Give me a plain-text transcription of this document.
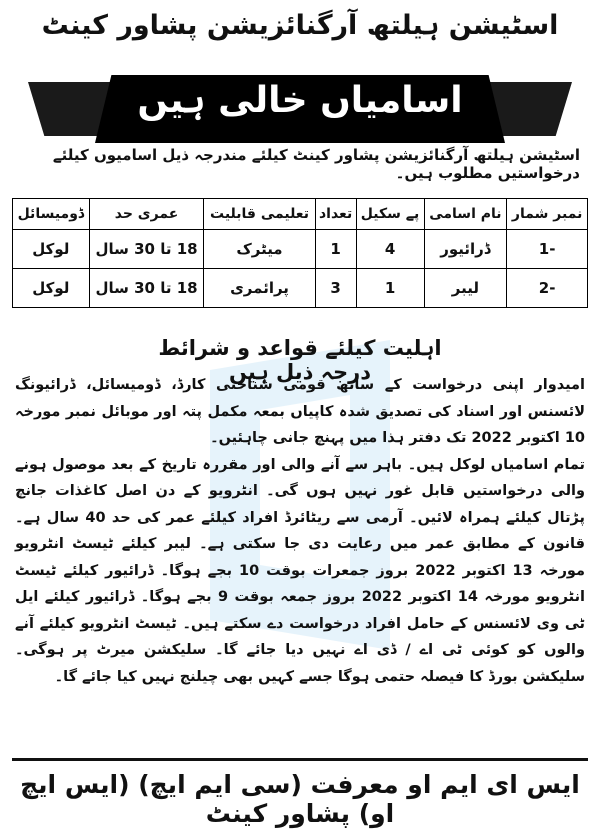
اسٹیشن ہیلتھ آرگنائزیشن پشاور کینٹ
اسامیاں خالی ہیں
اسٹیشن ہیلتھ آرگنائزیشن پشاور کینٹ کیلئے مندرجہ ذیل اسامیوں کیلئے درخواستیں مطلوب ہیں۔
نمبر شمار	نام اسامی	پے سکیل	تعداد	تعلیمی قابلیت	عمری حد	ڈومیسائل
-1	ڈرائیور	4	1	میٹرک	18 تا 30 سال	لوکل
-2	لیبر	1	3	پرائمری	18 تا 30 سال	لوکل
اہلیت کیلئے قواعد و شرائط درجہ ذیل ہیں

امیدوار اپنی درخواست کے ساتھ قومی شناختی کارڈ، ڈومیسائل، ڈرائیونگ لائسنس اور اسناد کی تصدیق شدہ کاپیاں بمعہ مکمل پتہ اور موبائل نمبر مورخہ 10 اکتوبر 2022 تک دفتر ہذا میں پہنچ جانی چاہئیں۔

تمام اسامیاں لوکل ہیں۔ باہر سے آنے والی اور مقررہ تاریخ کے بعد موصول ہونے والی درخواستیں قابل غور نہیں ہوں گی۔ انٹرویو کے دن اصل کاغذات جانچ پڑتال کیلئے ہمراہ لائیں۔ آرمی سے ریٹائرڈ افراد کیلئے عمر کی حد 40 سال ہے۔ قانون کے مطابق عمر میں رعایت دی جا سکتی ہے۔ لیبر کیلئے ٹیسٹ انٹرویو مورخہ 13 اکتوبر 2022 بروز جمعرات بوقت 10 بجے ہوگا۔ ڈرائیور کیلئے ٹیسٹ انٹرویو مورخہ 14 اکتوبر 2022 بروز جمعہ بوقت 9 بجے ہوگا۔ ڈرائیور کیلئے ایل ٹی وی لائسنس کے حامل افراد درخواست دے سکتے ہیں۔ ٹیسٹ انٹرویو کیلئے آنے والوں کو کوئی ٹی اے / ڈی اے نہیں دیا جائے گا۔ سلیکشن میرٹ پر ہوگی۔ سلیکشن بورڈ کا فیصلہ حتمی ہوگا جسے کہیں بھی چیلنج نہیں کیا جائے گا۔

ایس ای ایم او معرفت (سی ایم ایچ) (ایس ایچ او) پشاور کینٹ
